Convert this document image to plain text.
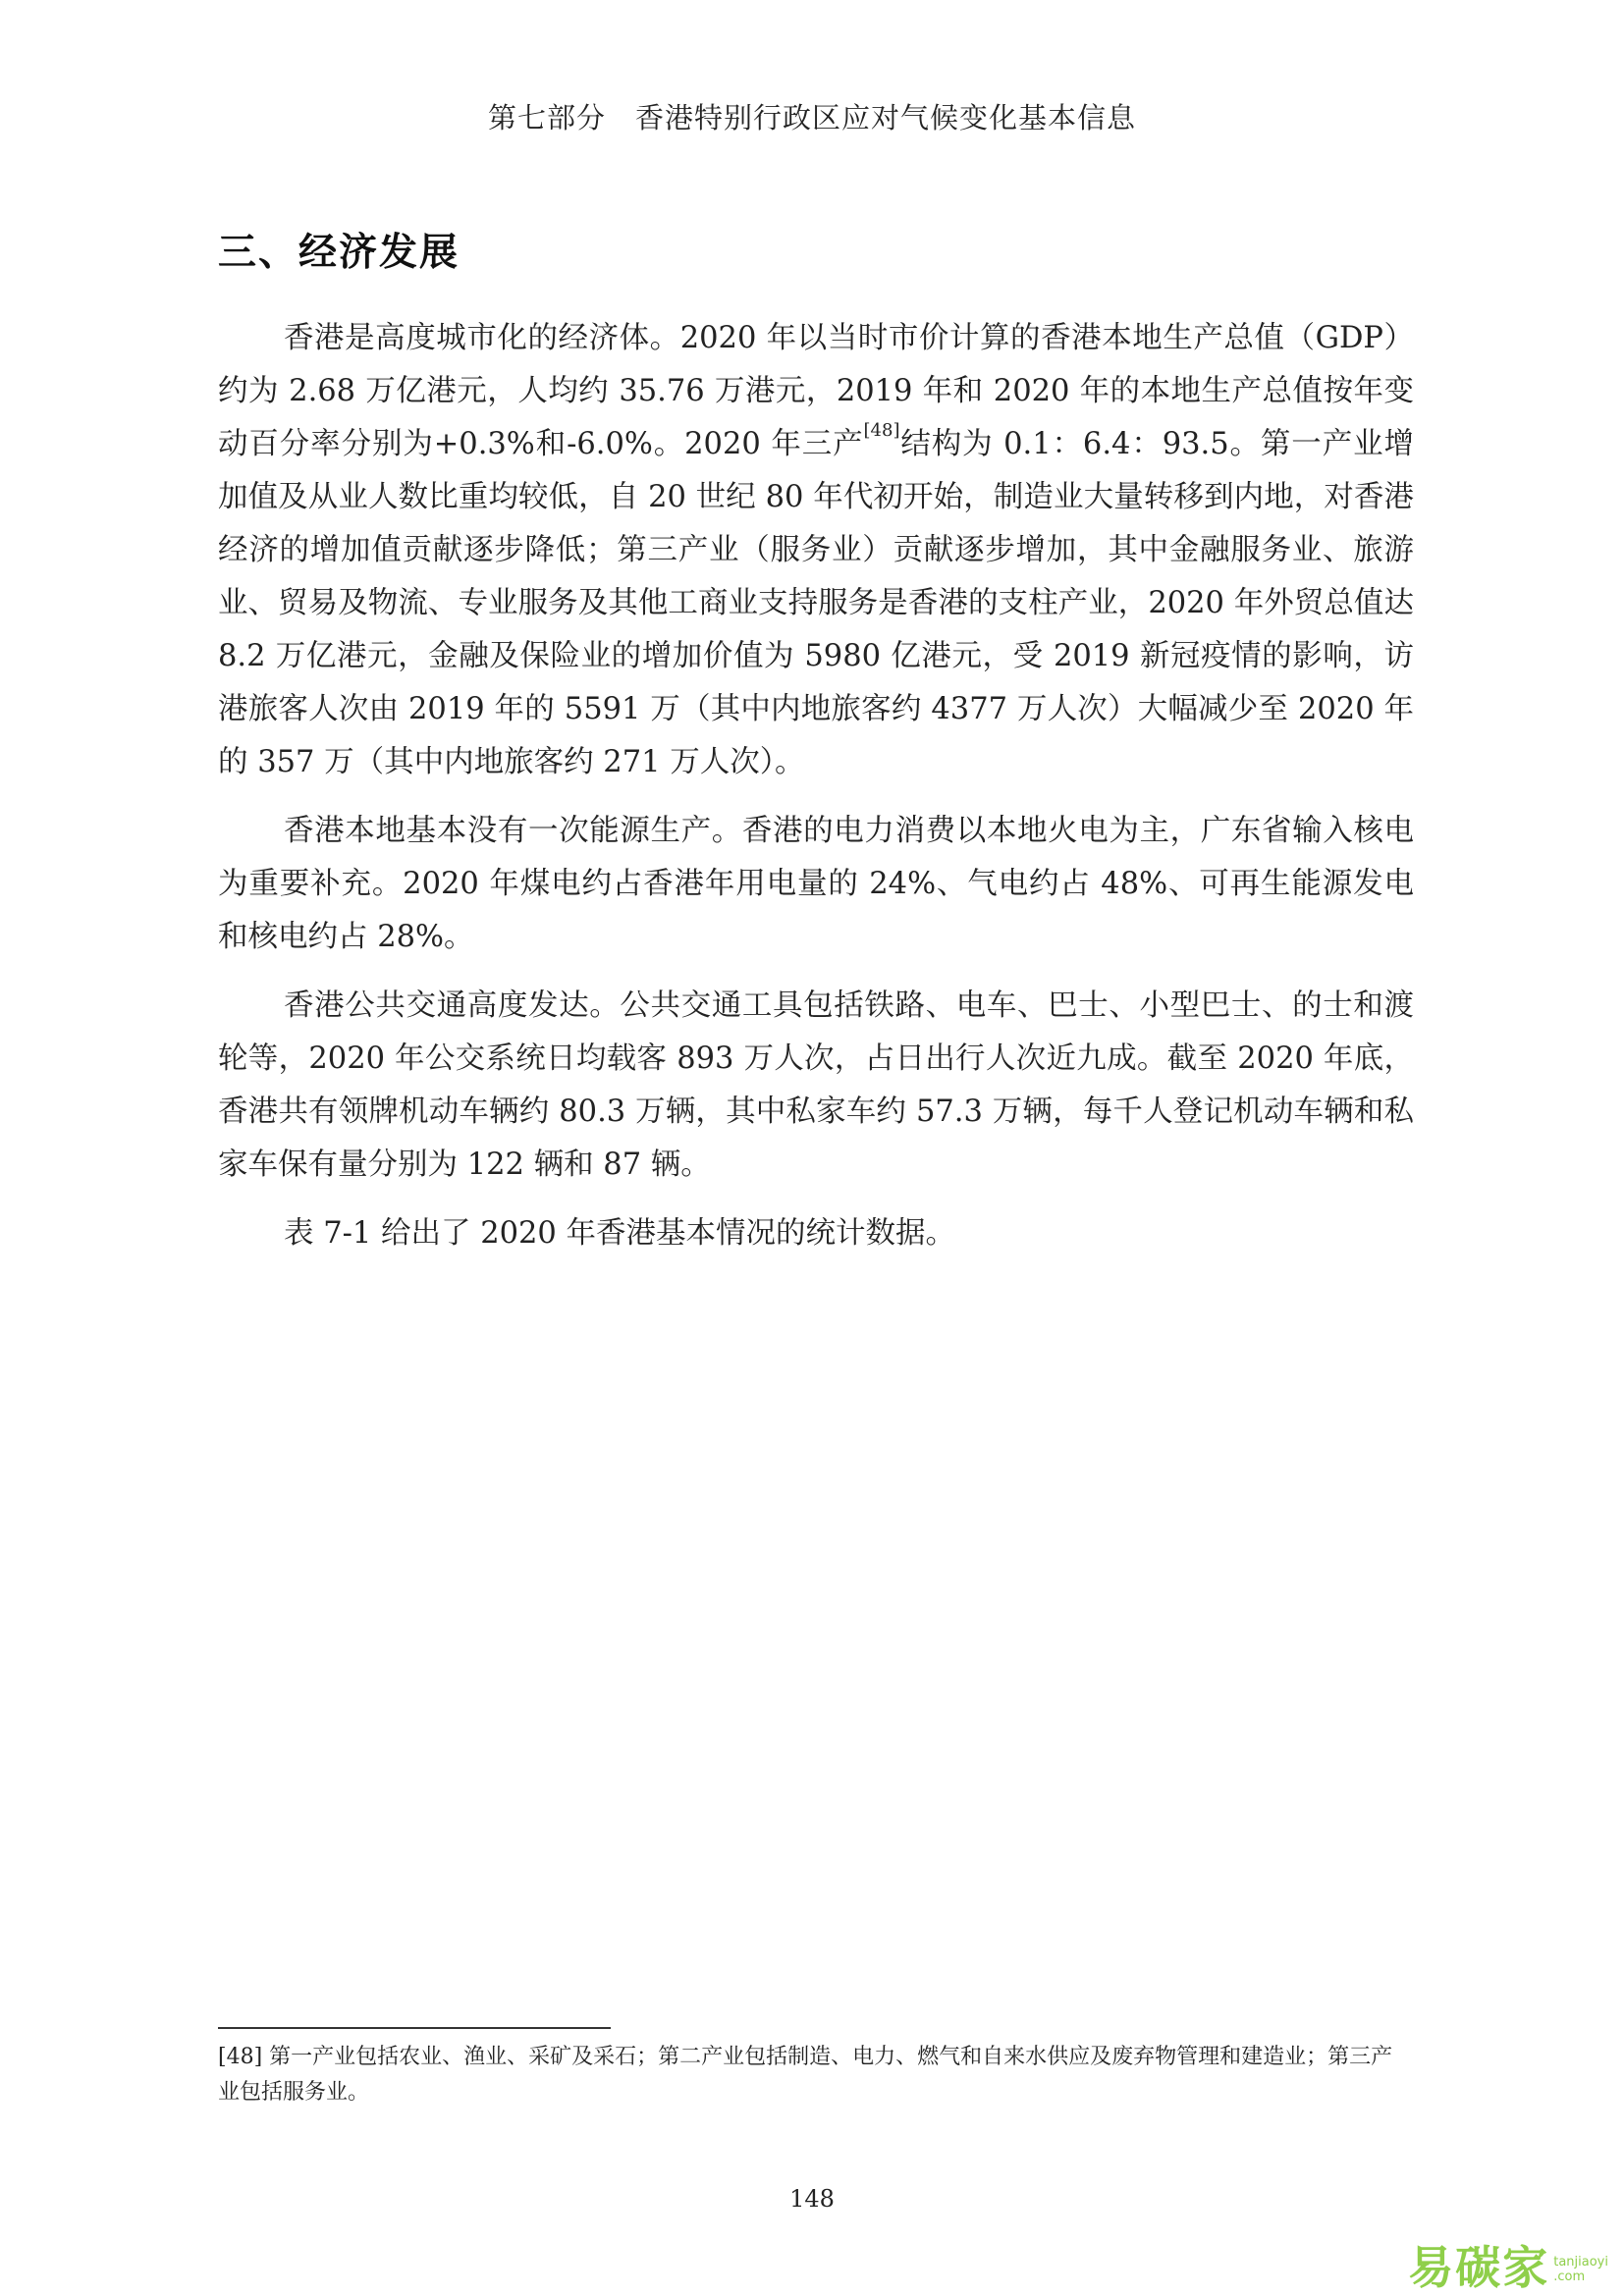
第七部分　香港特别行政区应对气候变化基本信息
三、经济发展

香港是高度城市化的经济体。2020 年以当时市价计算的香港本地生产总值（GDP）约为 2.68 万亿港元，人均约 35.76 万港元，2019 年和 2020 年的本地生产总值按年变动百分率分别为+0.3%和-6.0%。2020 年三产[48]结构为 0.1：6.4：93.5。第一产业增加值及从业人数比重均较低，自 20 世纪 80 年代初开始，制造业大量转移到内地，对香港经济的增加值贡献逐步降低；第三产业（服务业）贡献逐步增加，其中金融服务业、旅游业、贸易及物流、专业服务及其他工商业支持服务是香港的支柱产业，2020 年外贸总值达 8.2 万亿港元，金融及保险业的增加价值为 5980 亿港元，受 2019 新冠疫情的影响，访港旅客人次由 2019 年的 5591 万（其中内地旅客约 4377 万人次）大幅减少至 2020 年的 357 万（其中内地旅客约 271 万人次）。

香港本地基本没有一次能源生产。香港的电力消费以本地火电为主，广东省输入核电为重要补充。2020 年煤电约占香港年用电量的 24%、气电约占 48%、可再生能源发电和核电约占 28%。

香港公共交通高度发达。公共交通工具包括铁路、电车、巴士、小型巴士、的士和渡轮等，2020 年公交系统日均载客 893 万人次，占日出行人次近九成。截至 2020 年底，香港共有领牌机动车辆约 80.3 万辆，其中私家车约 57.3 万辆，每千人登记机动车辆和私家车保有量分别为 122 辆和 87 辆。

表 7-1 给出了 2020 年香港基本情况的统计数据。

[48] 第一产业包括农业、渔业、采矿及采石；第二产业包括制造、电力、燃气和自来水供应及废弃物管理和建造业；第三产业包括服务业。
148
易碳家 tanjiaoyi
.com
